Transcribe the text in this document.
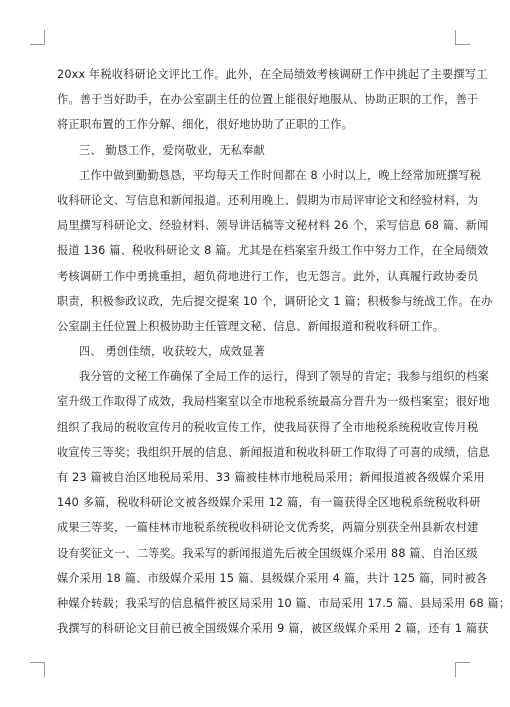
20xx 年税收科研论文评比工作。此外，在全局绩效考核调研工作中挑起了主要撰写工
作。善于当好助手，在办公室副主任的位置上能很好地服从、协助正职的工作，善于
将正职布置的工作分解、细化，很好地协助了正职的工作。
三、 勤恳工作，爱岗敬业，无私奉献
工作中做到勤勤恳恳，平均每天工作时间都在 8 小时以上，晚上经常加班撰写税
收科研论文、写信息和新闻报道。还利用晚上、假期为市局评审论文和经验材料，为
局里撰写科研论文、经验材料、领导讲话稿等文秘材料 26 个，采写信息 68 篇、新闻
报道 136 篇、税收科研论文 8 篇。尤其是在档案室升级工作中努力工作，在全局绩效
考核调研工作中勇挑重担，超负荷地进行工作，也无怨言。此外，认真履行政协委员
职责，积极参政议政，先后提交提案 10 个，调研论文 1 篇；积极参与统战工作。在办
公室副主任位置上积极协助主任管理文秘、信息、新闻报道和税收科研工作。
四、 勇创佳绩，收获较大，成效显著
我分管的文秘工作确保了全局工作的运行，得到了领导的肯定；我参与组织的档案
室升级工作取得了成效，我局档案室以全市地税系统最高分晋升为一级档案室；很好地
组织了我局的税收宣传月的税收宣传工作，使我局获得了全市地税系统税收宣传月税
收宣传三等奖；我组织开展的信息、新闻报道和税收科研工作取得了可喜的成绩，信息
有 23 篇被自治区地税局采用、33 篇被桂林市地税局采用；新闻报道被各级媒介采用
140 多篇，税收科研论文被各级媒介采用 12 篇，有一篇获得全区地税系统税收科研
成果三等奖，一篇桂林市地税系统税收科研论文优秀奖，两篇分别获全州县新农村建
设有奖征文一、二等奖。我采写的新闻报道先后被全国级媒介采用 88 篇、自治区级
媒介采用 18 篇、市级媒介采用 15 篇、县级媒介采用 4 篇，共计 125 篇，同时被各
种媒介转载；我采写的信息稿件被区局采用 10 篇、市局采用 17.5 篇、县局采用 68 篇；
我撰写的科研论文目前已被全国级媒介采用 9 篇，被区级媒介采用 2 篇，还有 1 篇获
